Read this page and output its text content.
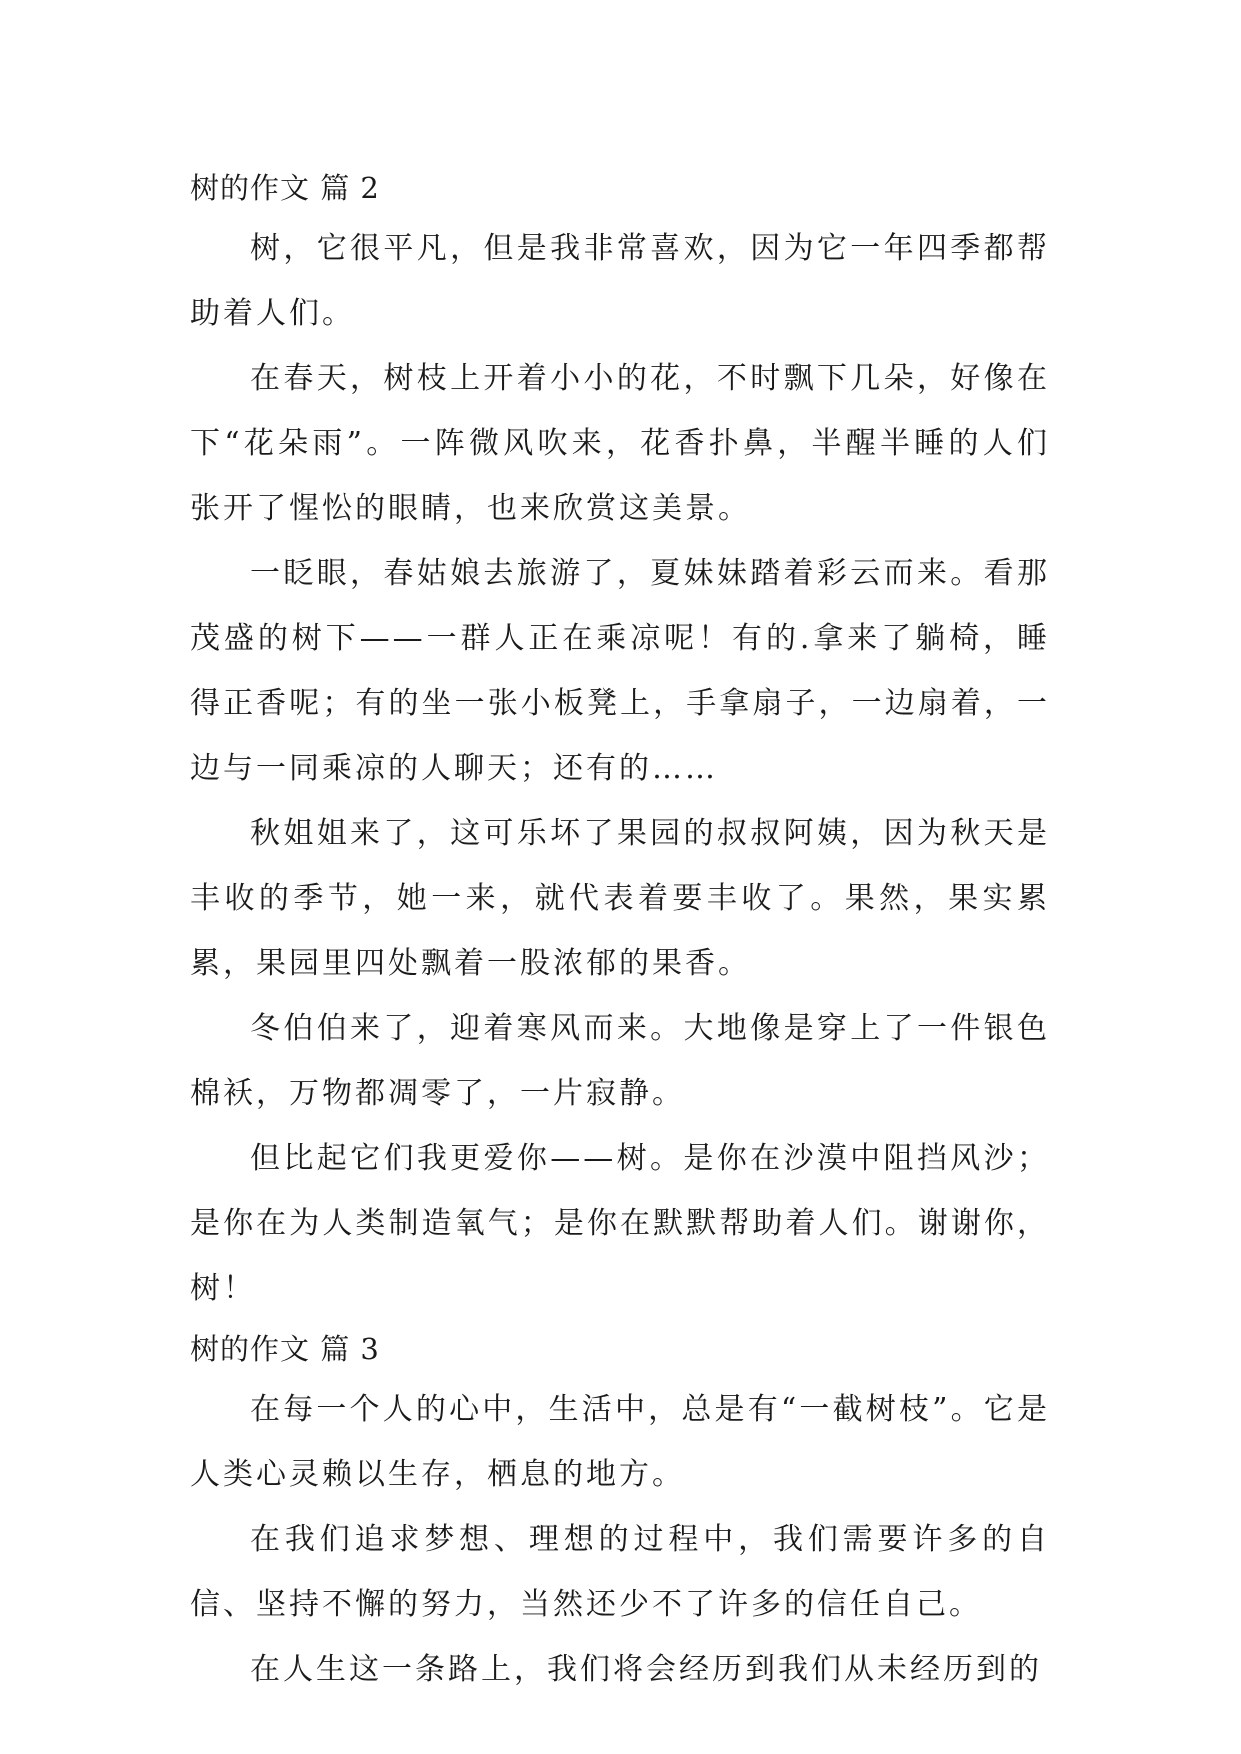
树的作文 篇 2

树，它很平凡，但是我非常喜欢，因为它一年四季都帮助着人们。

在春天，树枝上开着小小的花，不时飘下几朵，好像在下“花朵雨”。一阵微风吹来，花香扑鼻，半醒半睡的人们张开了惺忪的眼睛，也来欣赏这美景。

一眨眼，春姑娘去旅游了，夏妹妹踏着彩云而来。看那茂盛的树下——一群人正在乘凉呢！有的.拿来了躺椅，睡得正香呢；有的坐一张小板凳上，手拿扇子，一边扇着，一边与一同乘凉的人聊天；还有的……

秋姐姐来了，这可乐坏了果园的叔叔阿姨，因为秋天是丰收的季节，她一来，就代表着要丰收了。果然，果实累累，果园里四处飘着一股浓郁的果香。

冬伯伯来了，迎着寒风而来。大地像是穿上了一件银色棉袄，万物都凋零了，一片寂静。

但比起它们我更爱你——树。是你在沙漠中阻挡风沙；是你在为人类制造氧气；是你在默默帮助着人们。谢谢你，树！

树的作文 篇 3

在每一个人的心中，生活中，总是有“一截树枝”。它是人类心灵赖以生存，栖息的地方。

在我们追求梦想、理想的过程中，我们需要许多的自信、坚持不懈的努力，当然还少不了许多的信任自己。

在人生这一条路上，我们将会经历到我们从未经历到的
